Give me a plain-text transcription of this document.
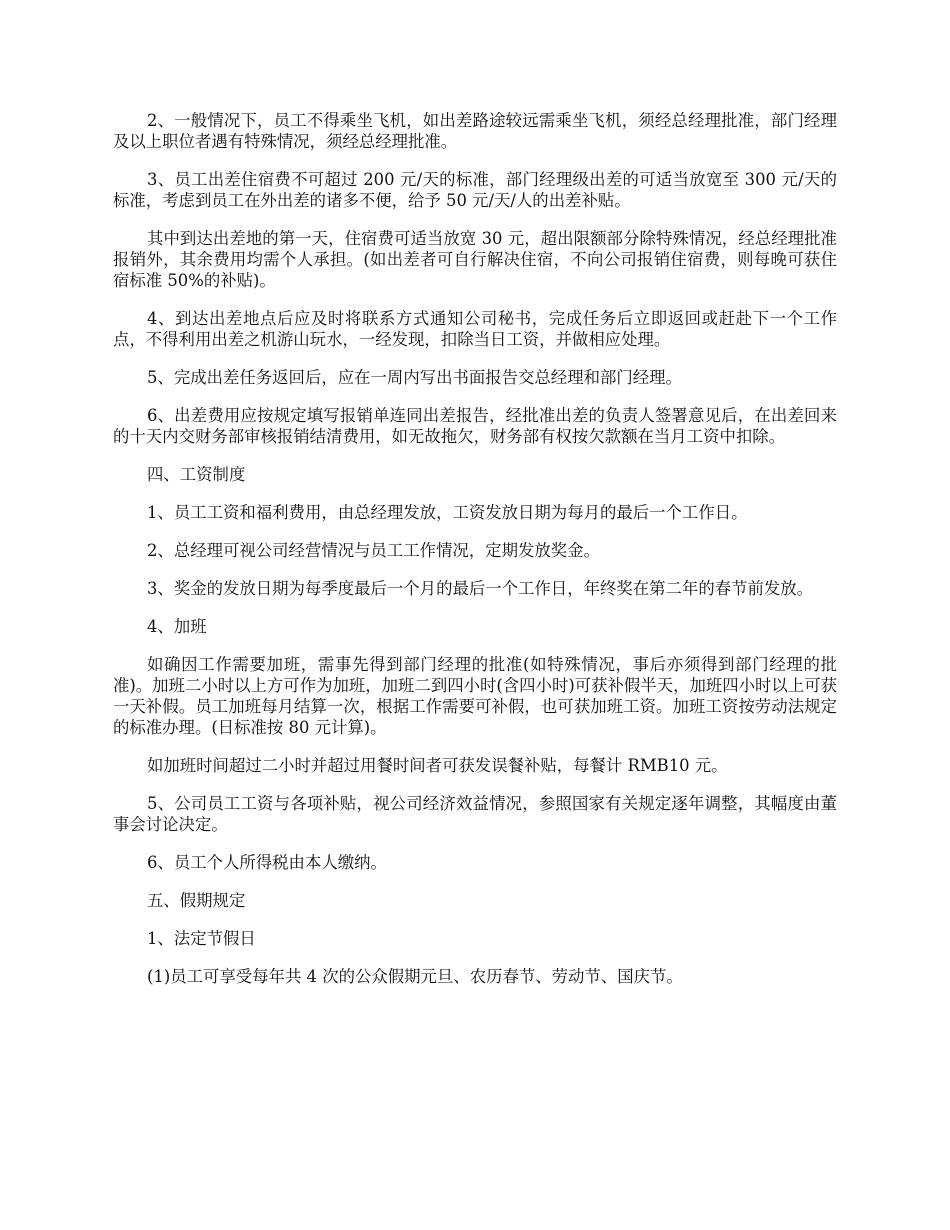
2、一般情况下，员工不得乘坐飞机，如出差路途较远需乘坐飞机，须经总经理批准，部门经理及以上职位者遇有特殊情况，须经总经理批准。

3、员工出差住宿费不可超过 200 元/天的标准，部门经理级出差的可适当放宽至 300 元/天的标准，考虑到员工在外出差的诸多不便，给予 50 元/天/人的出差补贴。

其中到达出差地的第一天，住宿费可适当放宽 30 元，超出限额部分除特殊情况，经总经理批准报销外，其余费用均需个人承担。(如出差者可自行解决住宿，不向公司报销住宿费，则每晚可获住宿标准 50%的补贴)。

4、到达出差地点后应及时将联系方式通知公司秘书，完成任务后立即返回或赶赴下一个工作点，不得利用出差之机游山玩水，一经发现，扣除当日工资，并做相应处理。

5、完成出差任务返回后，应在一周内写出书面报告交总经理和部门经理。

6、出差费用应按规定填写报销单连同出差报告，经批准出差的负责人签署意见后，在出差回来的十天内交财务部审核报销结清费用，如无故拖欠，财务部有权按欠款额在当月工资中扣除。

四、工资制度

1、员工工资和福利费用，由总经理发放，工资发放日期为每月的最后一个工作日。

2、总经理可视公司经营情况与员工工作情况，定期发放奖金。

3、奖金的发放日期为每季度最后一个月的最后一个工作日，年终奖在第二年的春节前发放。

4、加班

如确因工作需要加班，需事先得到部门经理的批准(如特殊情况，事后亦须得到部门经理的批准)。加班二小时以上方可作为加班，加班二到四小时(含四小时)可获补假半天，加班四小时以上可获一天补假。员工加班每月结算一次，根据工作需要可补假，也可获加班工资。加班工资按劳动法规定的标准办理。(日标准按 80 元计算)。

如加班时间超过二小时并超过用餐时间者可获发误餐补贴，每餐计 RMB10 元。

5、公司员工工资与各项补贴，视公司经济效益情况，参照国家有关规定逐年调整，其幅度由董事会讨论决定。

6、员工个人所得税由本人缴纳。

五、假期规定

1、法定节假日

(1)员工可享受每年共 4 次的公众假期元旦、农历春节、劳动节、国庆节。
